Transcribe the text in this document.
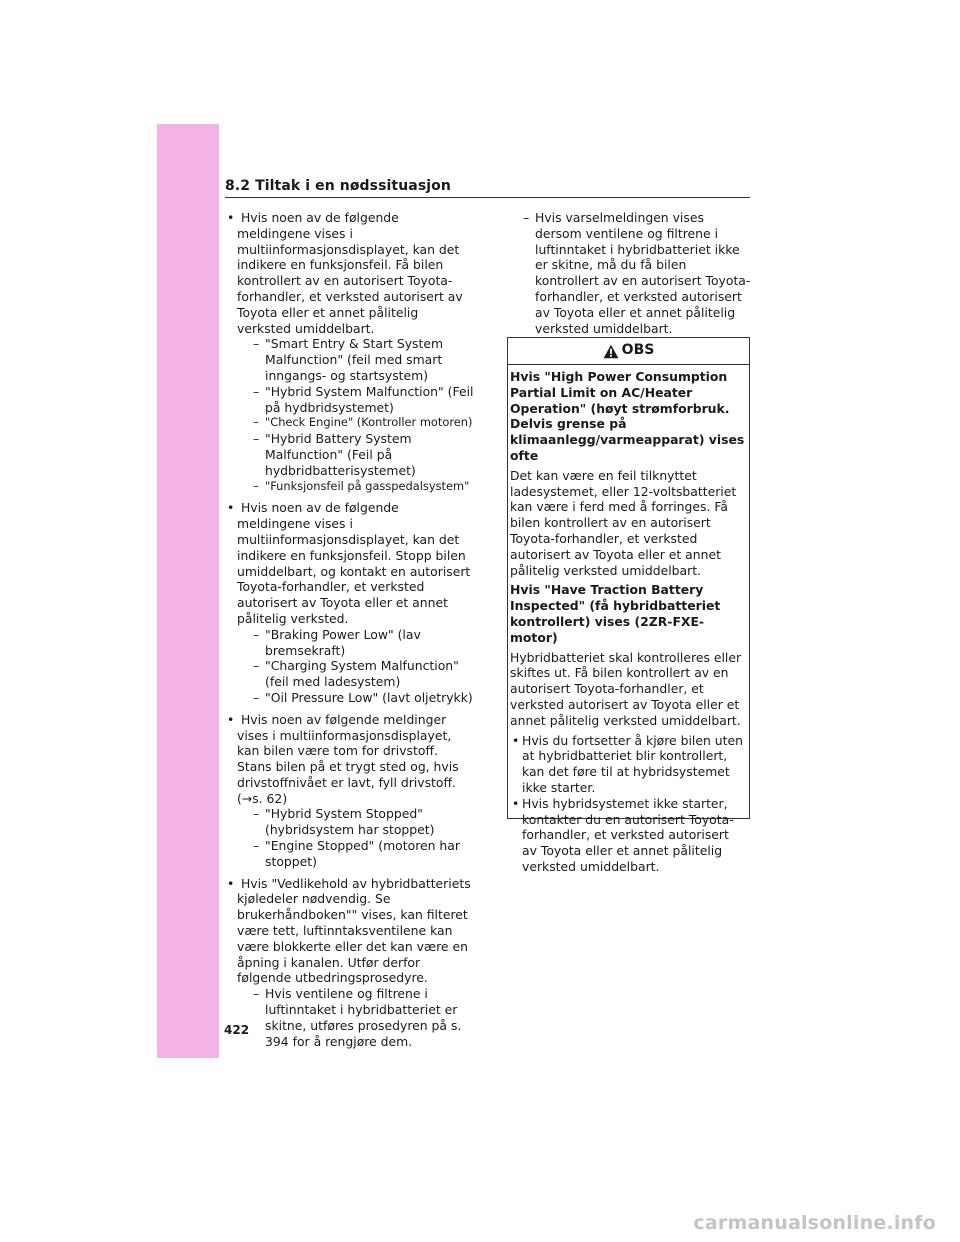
8.2 Tiltak i en nødssituasjon
• Hvis noen av de følgende meldingene vises i multiinformasjonsdisplayet, kan det indikere en funksjonsfeil. Få bilen kontrollert av en autorisert Toyota-forhandler, et verksted autorisert av Toyota eller et annet pålitelig verksted umiddelbart.
– "Smart Entry & Start System Malfunction" (feil med smart inngangs- og startsystem)
– "Hybrid System Malfunction" (Feil på hydbridsystemet)
– "Check Engine" (Kontroller motoren)
– "Hybrid Battery System Malfunction" (Feil på hydbridbatterisystemet)
– "Funksjonsfeil på gasspedalsystem"
• Hvis noen av de følgende meldingene vises i multiinformasjonsdisplayet, kan det indikere en funksjonsfeil. Stopp bilen umiddelbart, og kontakt en autorisert Toyota-forhandler, et verksted autorisert av Toyota eller et annet pålitelig verksted.
– "Braking Power Low" (lav bremsekraft)
– "Charging System Malfunction" (feil med ladesystem)
– "Oil Pressure Low" (lavt oljetrykk)
• Hvis noen av følgende meldinger vises i multiinformasjonsdisplayet, kan bilen være tom for drivstoff. Stans bilen på et trygt sted og, hvis drivstoffnivået er lavt, fyll drivstoff. (→s. 62)
– "Hybrid System Stopped" (hybridsystem har stoppet)
– "Engine Stopped" (motoren har stoppet)
• Hvis "Vedlikehold av hybridbatteriets kjøledeler nødvendig. Se brukerhåndboken"" vises, kan filteret være tett, luftinntaksventilene kan være blokkerte eller det kan være en åpning i kanalen. Utfør derfor følgende utbedringsprosedyre.
– Hvis ventilene og filtrene i luftinntaket i hybridbatteriet er skitne, utføres prosedyren på s. 394 for å rengjøre dem.
– Hvis varselmeldingen vises dersom ventilene og filtrene i luftinntaket i hybridbatteriet ikke er skitne, må du få bilen kontrollert av en autorisert Toyota-forhandler, et verksted autorisert av Toyota eller et annet pålitelig verksted umiddelbart.
OBS
Hvis "High Power Consumption Partial Limit on AC/Heater Operation" (høyt strømforbruk. Delvis grense på klimaanlegg/varmeapparat) vises ofte
Det kan være en feil tilknyttet ladesystemet, eller 12-voltsbatteriet kan være i ferd med å forringes. Få bilen kontrollert av en autorisert Toyota-forhandler, et verksted autorisert av Toyota eller et annet pålitelig verksted umiddelbart.
Hvis "Have Traction Battery Inspected" (få hybridbatteriet kontrollert) vises (2ZR-FXE-motor)
Hybridbatteriet skal kontrolleres eller skiftes ut. Få bilen kontrollert av en autorisert Toyota-forhandler, et verksted autorisert av Toyota eller et annet pålitelig verksted umiddelbart.
• Hvis du fortsetter å kjøre bilen uten at hybridbatteriet blir kontrollert, kan det føre til at hybridsystemet ikke starter.
• Hvis hybridsystemet ikke starter, kontakter du en autorisert Toyota-forhandler, et verksted autorisert av Toyota eller et annet pålitelig verksted umiddelbart.
422
carmanualsonline.info
